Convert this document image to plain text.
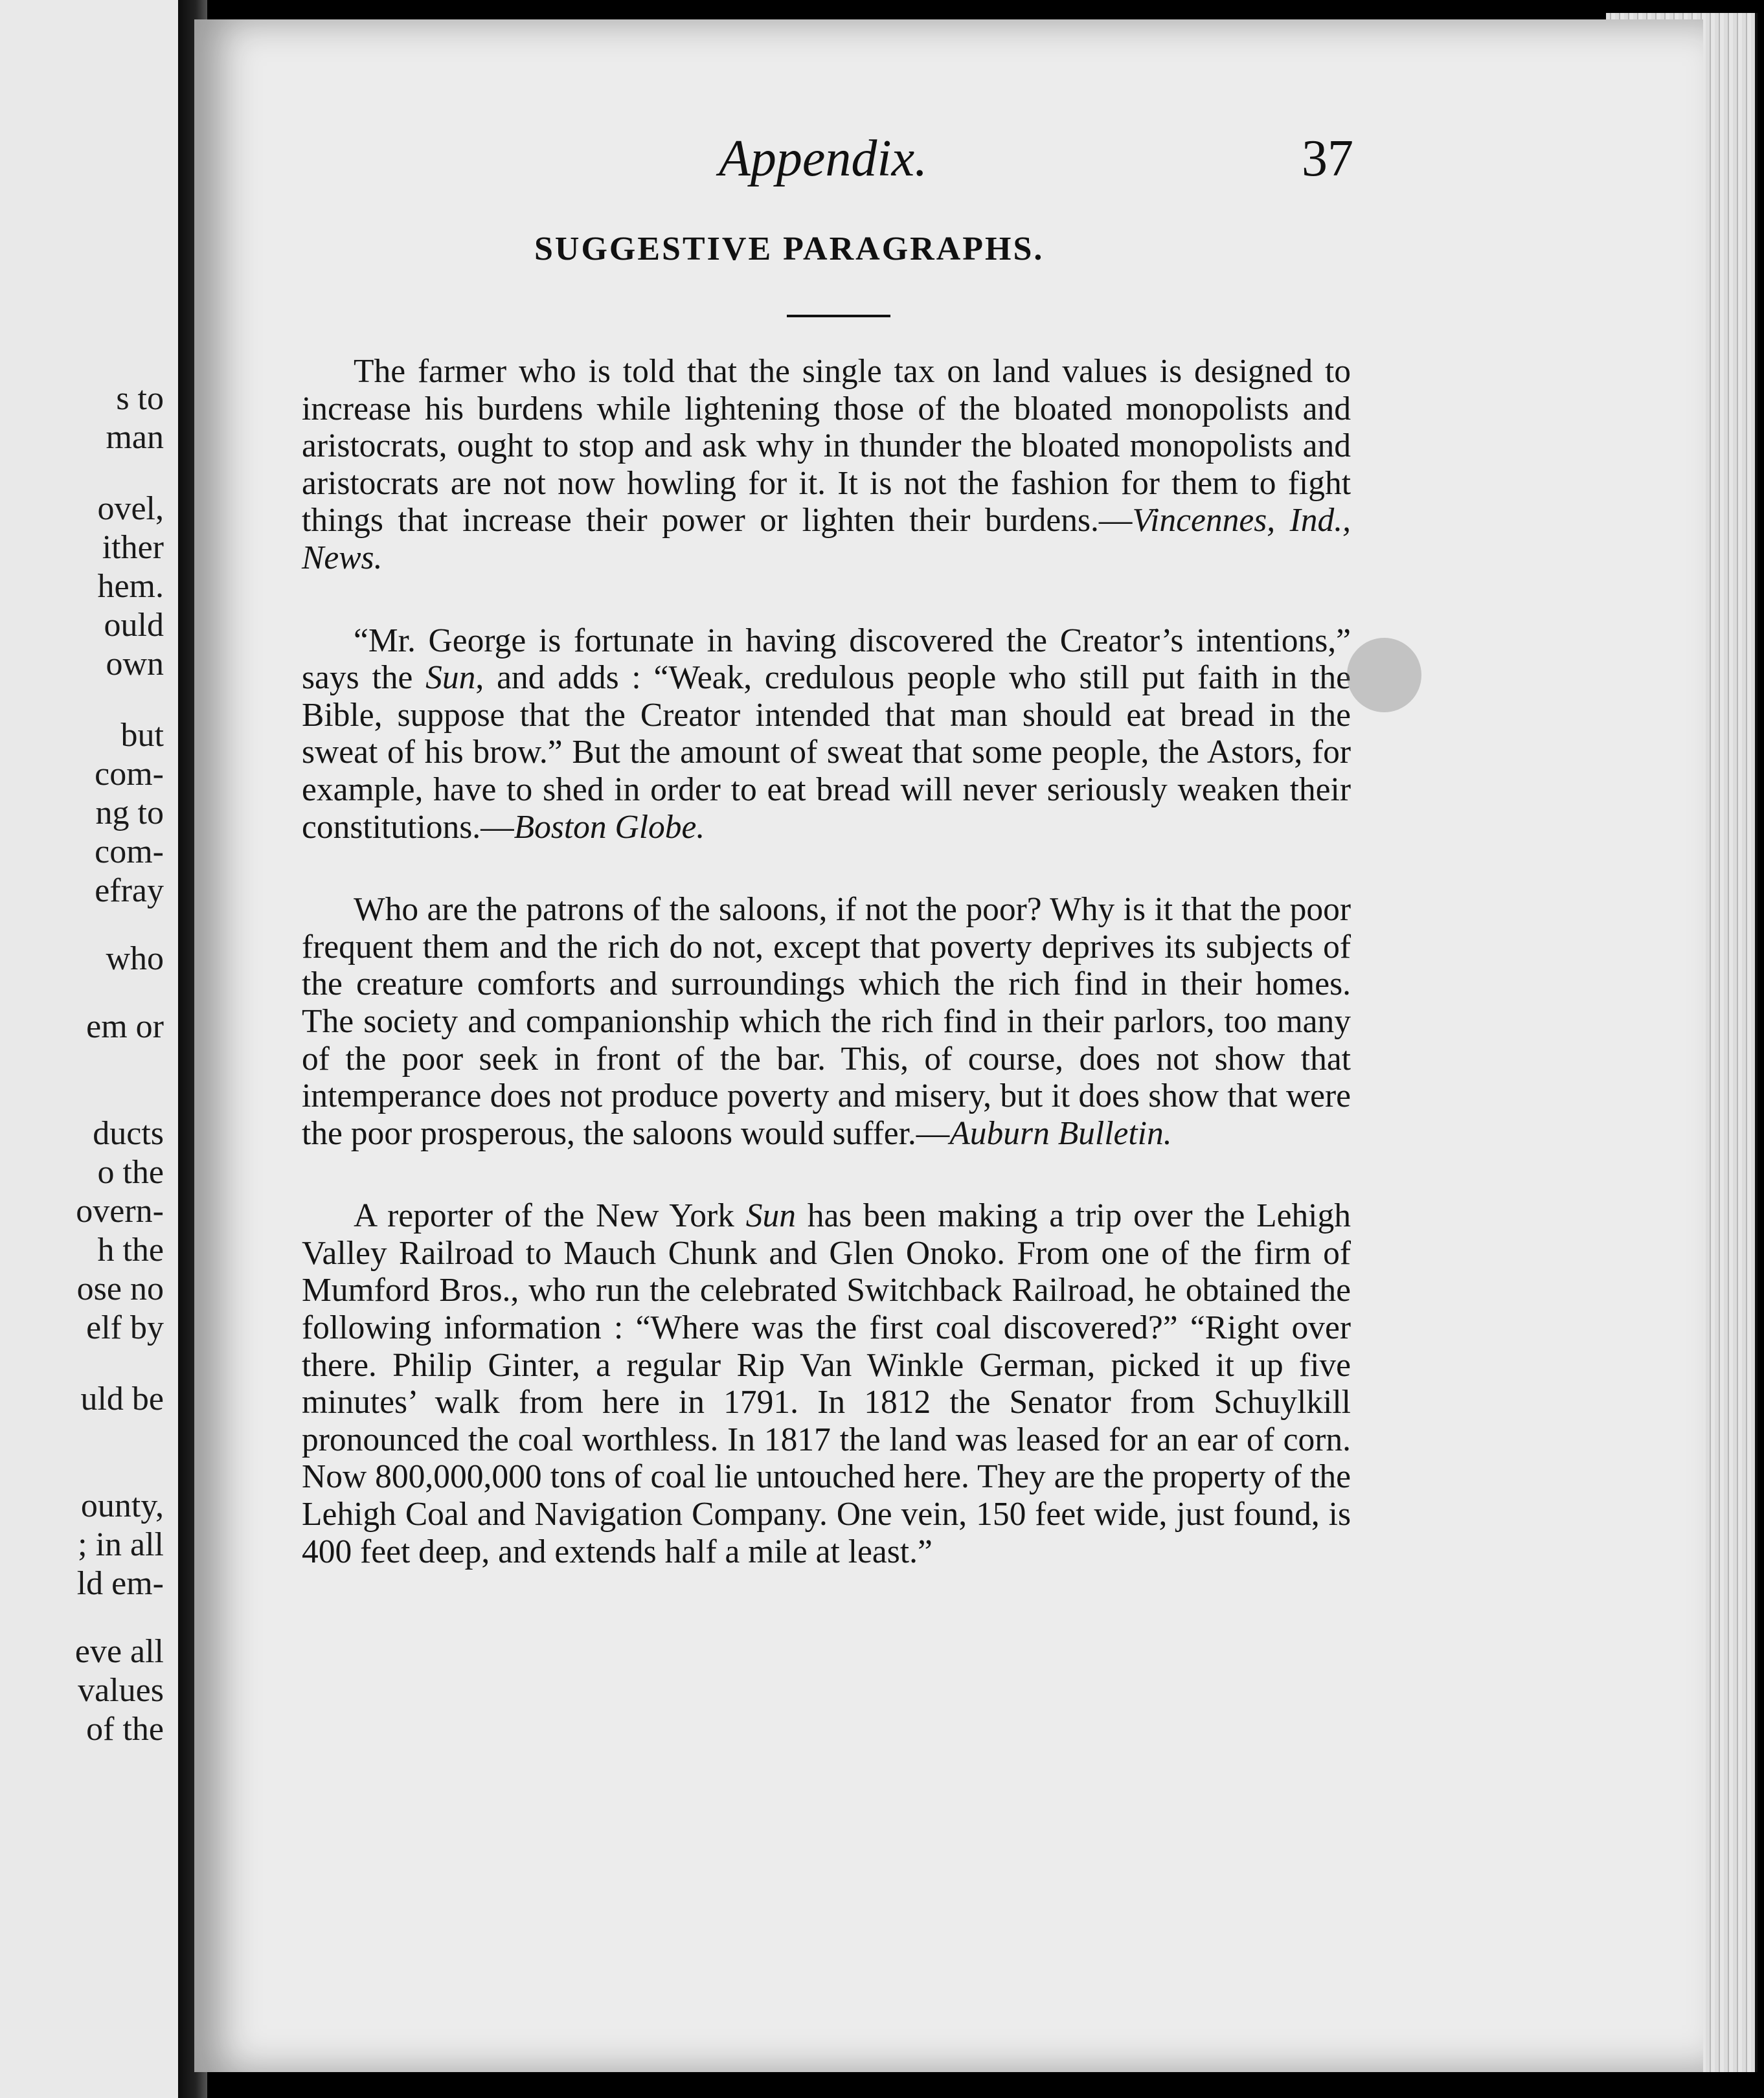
s to
man
ovel,
ither
hem.
ould
own
but
com-
ng to
com-
efray
who
em or
ducts
o the
overn-
h the
ose no
elf by
uld be
ounty,
; in all
ld em-
eve all
values
of the
Appendix.	37
SUGGESTIVE PARAGRAPHS.

The farmer who is told that the single tax on land values is designed to increase his burdens while lightening those of the bloated monopolists and aristocrats, ought to stop and ask why in thunder the bloated monopolists and aristocrats are not now howling for it. It is not the fashion for them to fight things that increase their power or lighten their burdens.—Vincennes, Ind., News.

“Mr. George is fortunate in having discovered the Creator’s intentions,” says the Sun, and adds : “Weak, credulous people who still put faith in the Bible, suppose that the Creator intended that man should eat bread in the sweat of his brow.” But the amount of sweat that some people, the Astors, for example, have to shed in order to eat bread will never seriously weaken their constitutions.—Boston Globe.

Who are the patrons of the saloons, if not the poor? Why is it that the poor frequent them and the rich do not, except that poverty deprives its subjects of the creature comforts and surroundings which the rich find in their homes. The society and companionship which the rich find in their parlors, too many of the poor seek in front of the bar. This, of course, does not show that intemperance does not produce poverty and misery, but it does show that were the poor prosperous, the saloons would suffer.—Auburn Bulletin.

A reporter of the New York Sun has been making a trip over the Lehigh Valley Railroad to Mauch Chunk and Glen Onoko. From one of the firm of Mumford Bros., who run the celebrated Switchback Railroad, he obtained the following information : “Where was the first coal discovered?” “Right over there. Philip Ginter, a regular Rip Van Winkle German, picked it up five minutes’ walk from here in 1791. In 1812 the Senator from Schuylkill pronounced the coal worthless. In 1817 the land was leased for an ear of corn. Now 800,000,000 tons of coal lie untouched here. They are the property of the Lehigh Coal and Navigation Company. One vein, 150 feet wide, just found, is 400 feet deep, and extends half a mile at least.”
